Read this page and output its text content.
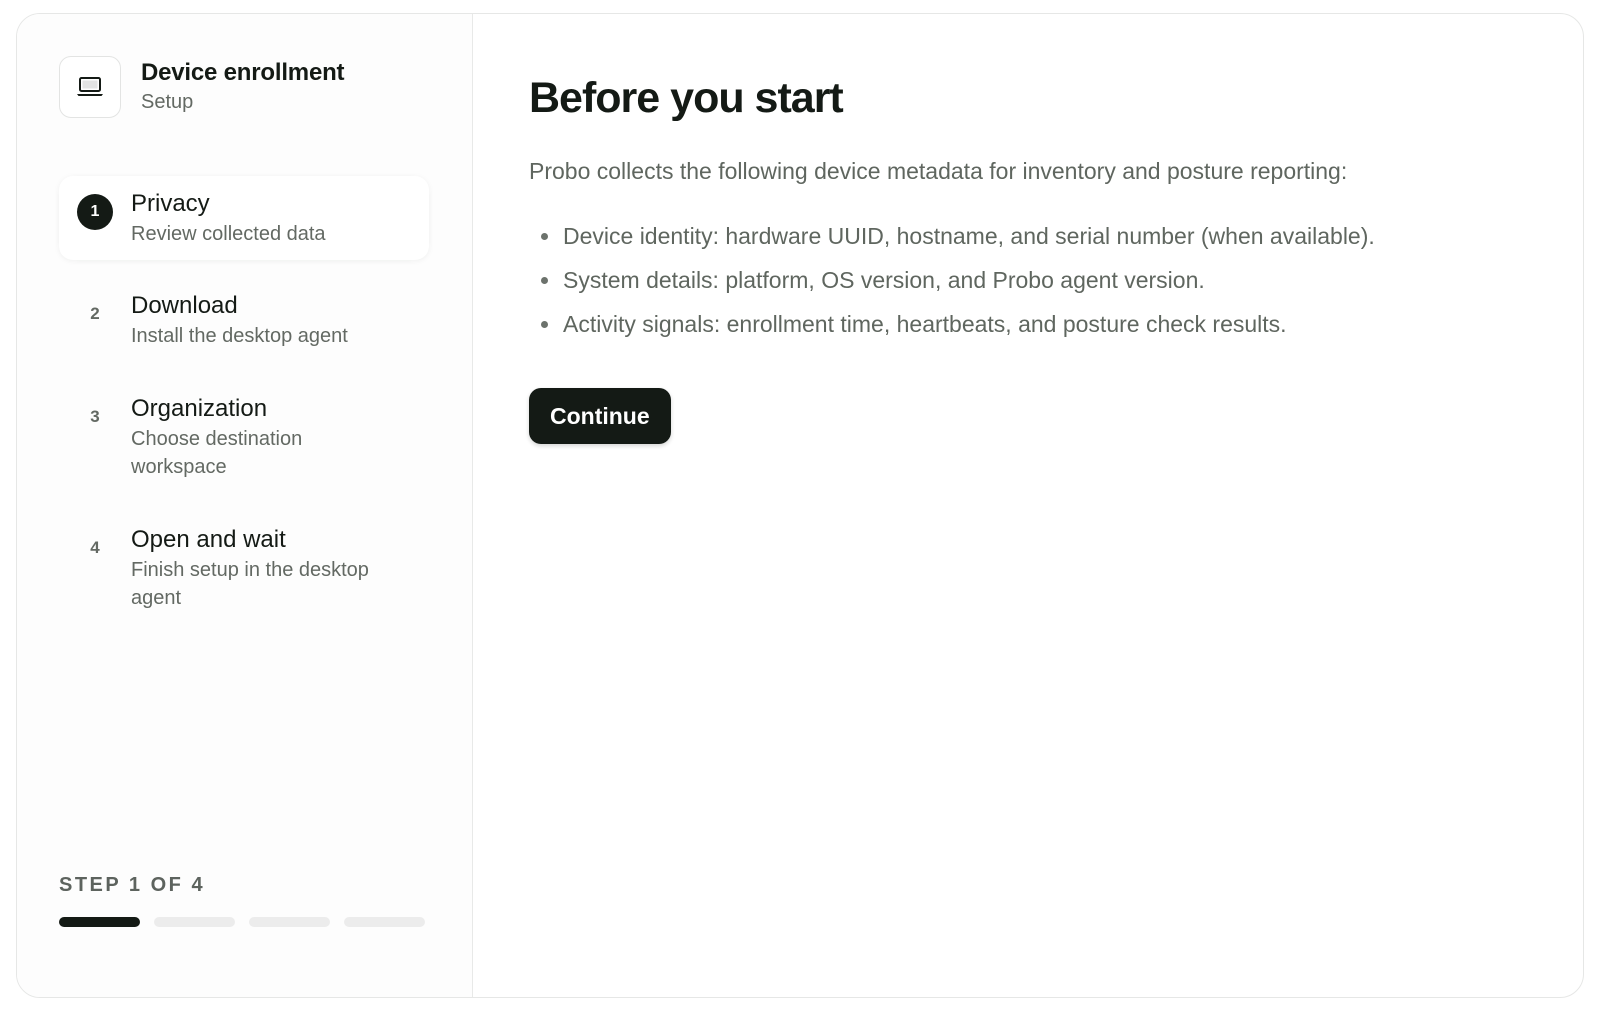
Device enrollment
Setup
1	Privacy
Review collected data
2	Download
Install the desktop agent
3	Organization
Choose destination workspace
4	Open and wait
Finish setup in the desktop agent
STEP 1 OF 4
Before you start

Probo collects the following device metadata for inventory and posture reporting:

Device identity: hardware UUID, hostname, and serial number (when available).
System details: platform, OS version, and Probo agent version.
Activity signals: enrollment time, heartbeats, and posture check results.
Continue
